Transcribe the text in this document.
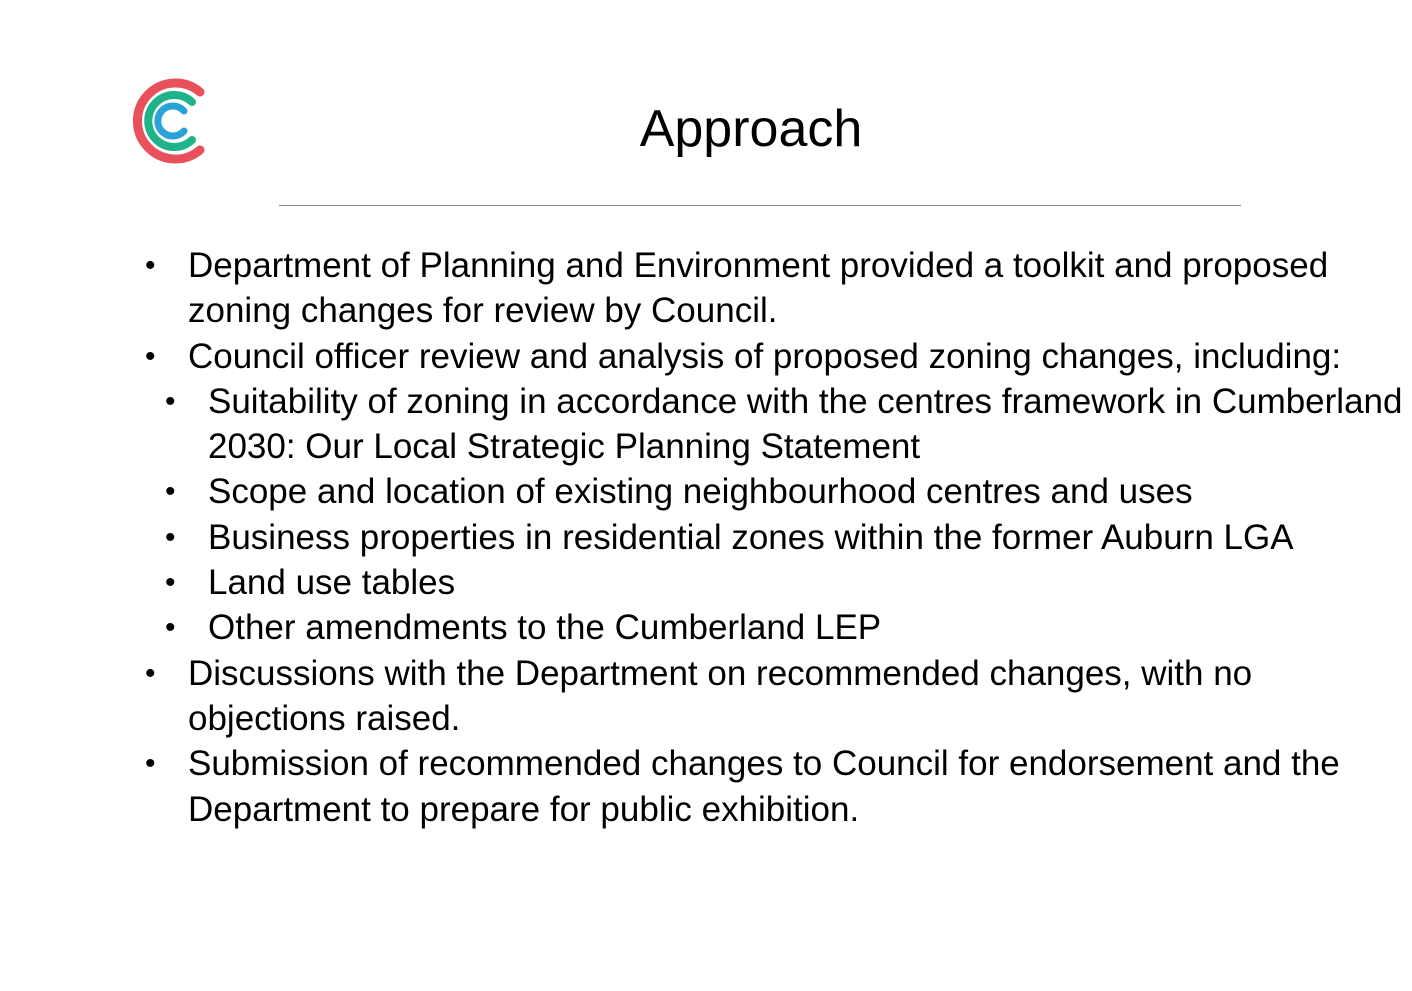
Approach
• Department of Planning and Environment provided a toolkit and proposed zoning changes for review by Council.
• Council officer review and analysis of proposed zoning changes, including:
• Suitability of zoning in accordance with the centres framework in Cumberland 2030: Our Local Strategic Planning Statement
• Scope and location of existing neighbourhood centres and uses
• Business properties in residential zones within the former Auburn LGA
• Land use tables
• Other amendments to the Cumberland LEP
• Discussions with the Department on recommended changes, with no objections raised.
• Submission of recommended changes to Council for endorsement and the Department to prepare for public exhibition.
